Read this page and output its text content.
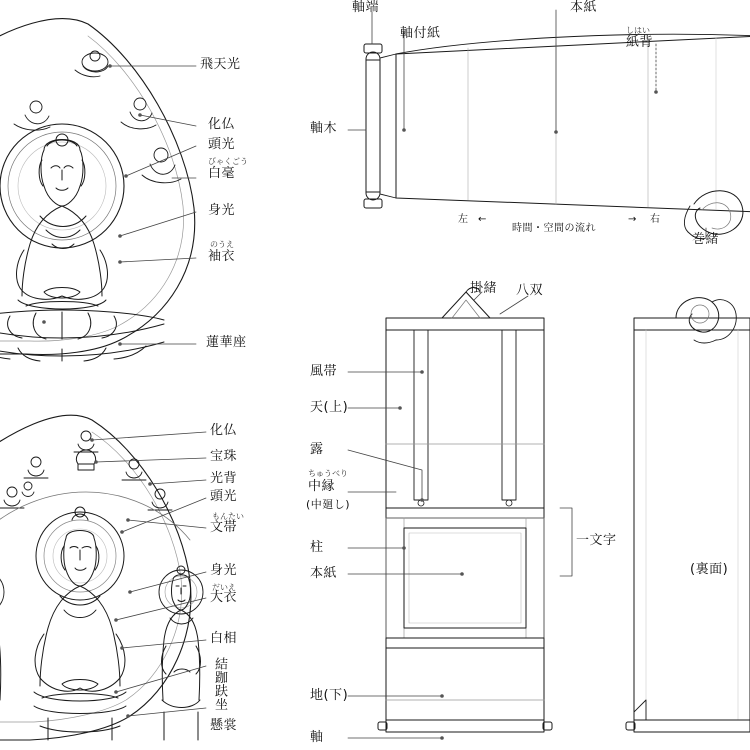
飛天光
化仏
頭光
びゃくごう
白毫
身光
のうえ
袖衣
蓮華座
化仏
宝珠
光背
頭光
もんたい
文帯
身光
だいえ
大衣
白相
結跏趺坐
懸裳
軸端
軸付紙
本紙
しはい
紙背
軸木
巻緒
左 ←
時間・空間の流れ
→ 右
掛緒 八双
風帯
天(上)
露
ちゅうべり
中縁
(中廻し)
柱
本紙
地(下)
軸
一文字
(裏面)
